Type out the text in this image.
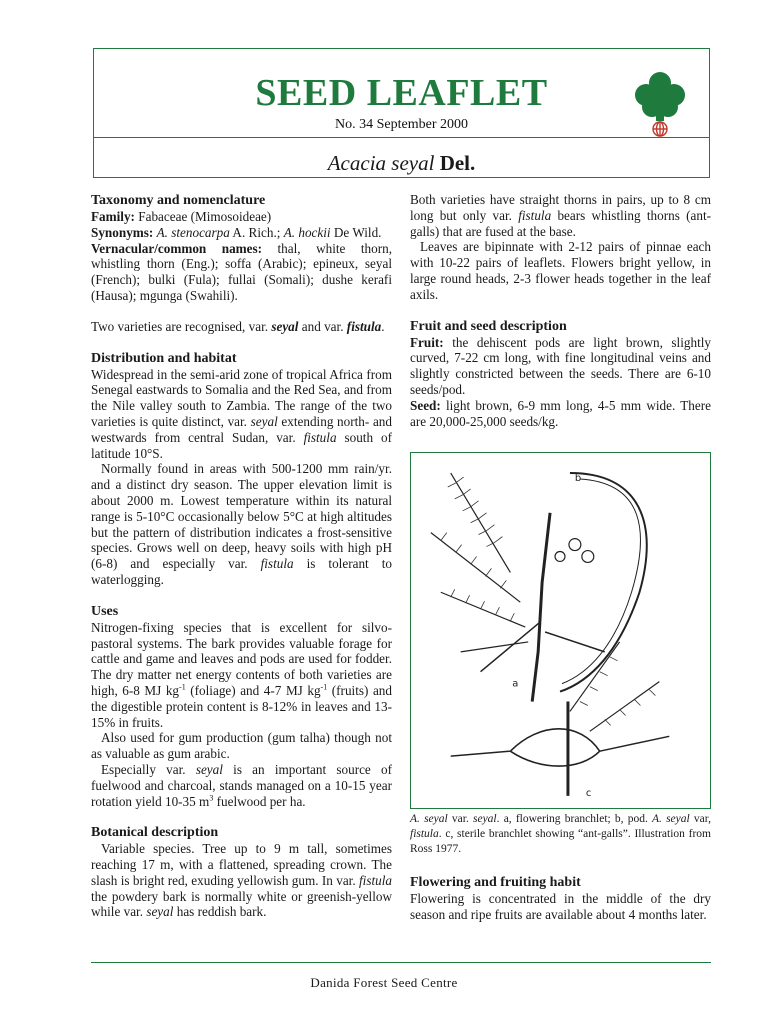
SEED LEAFLET
No. 34 September 2000
Acacia seyal Del.
Taxonomy and nomenclature

Family: Fabaceae (Mimosoideae)

Synonyms: A. stenocarpa A. Rich.; A. hockii De Wild.

Vernacular/common names: thal, white thorn, whistling thorn (Eng.); soffa (Arabic); epineux, seyal (French); bulki (Fula); fullai (Somali); dushe kerafi (Hausa); mgunga (Swahili).

Two varieties are recognised, var. seyal and var. fistula.

Distribution and habitat

Widespread in the semi-arid zone of tropical Africa from Senegal eastwards to Somalia and the Red Sea, and from the Nile valley south to Zambia. The range of the two varieties is quite distinct, var. seyal extending north- and westwards from central Sudan, var. fistula south of latitude 10°S.

Normally found in areas with 500-1200 mm rain/yr. and a distinct dry season. The upper elevation limit is about 2000 m. Lowest temperature within its natural range is 5-10°C occasionally below 5°C at high altitudes but the pattern of distribution indicates a frost-sensitive species. Grows well on deep, heavy soils with high pH (6-8) and especially var. fistula is tolerant to waterlogging.

Uses

Nitrogen-fixing species that is excellent for silvo-pastoral systems. The bark provides valuable forage for cattle and game and leaves and pods are used for fodder. The dry matter net energy contents of both varieties are high, 6-8 MJ $kg^{-1}$ (foliage) and 4-7 MJ $kg^{-1}$ (fruits) and the digestible protein content is 8-12% in leaves and 13-15% in fruits.

Also used for gum production (gum talha) though not as valuable as gum arabic.

Especially var. seyal is an important source of fuelwood and charcoal, stands managed on a 10-15 year rotation yield 10-35 $m^3$ fuelwood per ha.

Botanical description

Variable species. Tree up to 9 m tall, sometimes reaching 17 m, with a flattened, spreading crown. The slash is bright red, exuding yellowish gum. In var. fistula the powdery bark is normally white or greenish-yellow while var. seyal has reddish bark.

Both varieties have straight thorns in pairs, up to 8 cm long but only var. fistula bears whistling thorns (ant-galls) that are fused at the base.

Leaves are bipinnate with 2-12 pairs of pinnae each with 10-22 pairs of leaflets. Flowers bright yellow, in large round heads, 2-3 flower heads together in the leaf axils.

Fruit and seed description

Fruit: the dehiscent pods are light brown, slightly curved, 7-22 cm long, with fine longitudinal veins and slightly constricted between the seeds. There are 6-10 seeds/pod.

Seed: light brown, 6-9 mm long, 4-5 mm wide. There are 20,000-25,000 seeds/kg.

b
a
c
A. seyal var. seyal. a, flowering branchlet; b, pod. A. seyal var, fistula. c, sterile branchlet showing “ant-galls”. Illustration from Ross 1977.
Flowering and fruiting habit

Flowering is concentrated in the middle of the dry season and ripe fruits are available about 4 months later.

Danida Forest Seed Centre
